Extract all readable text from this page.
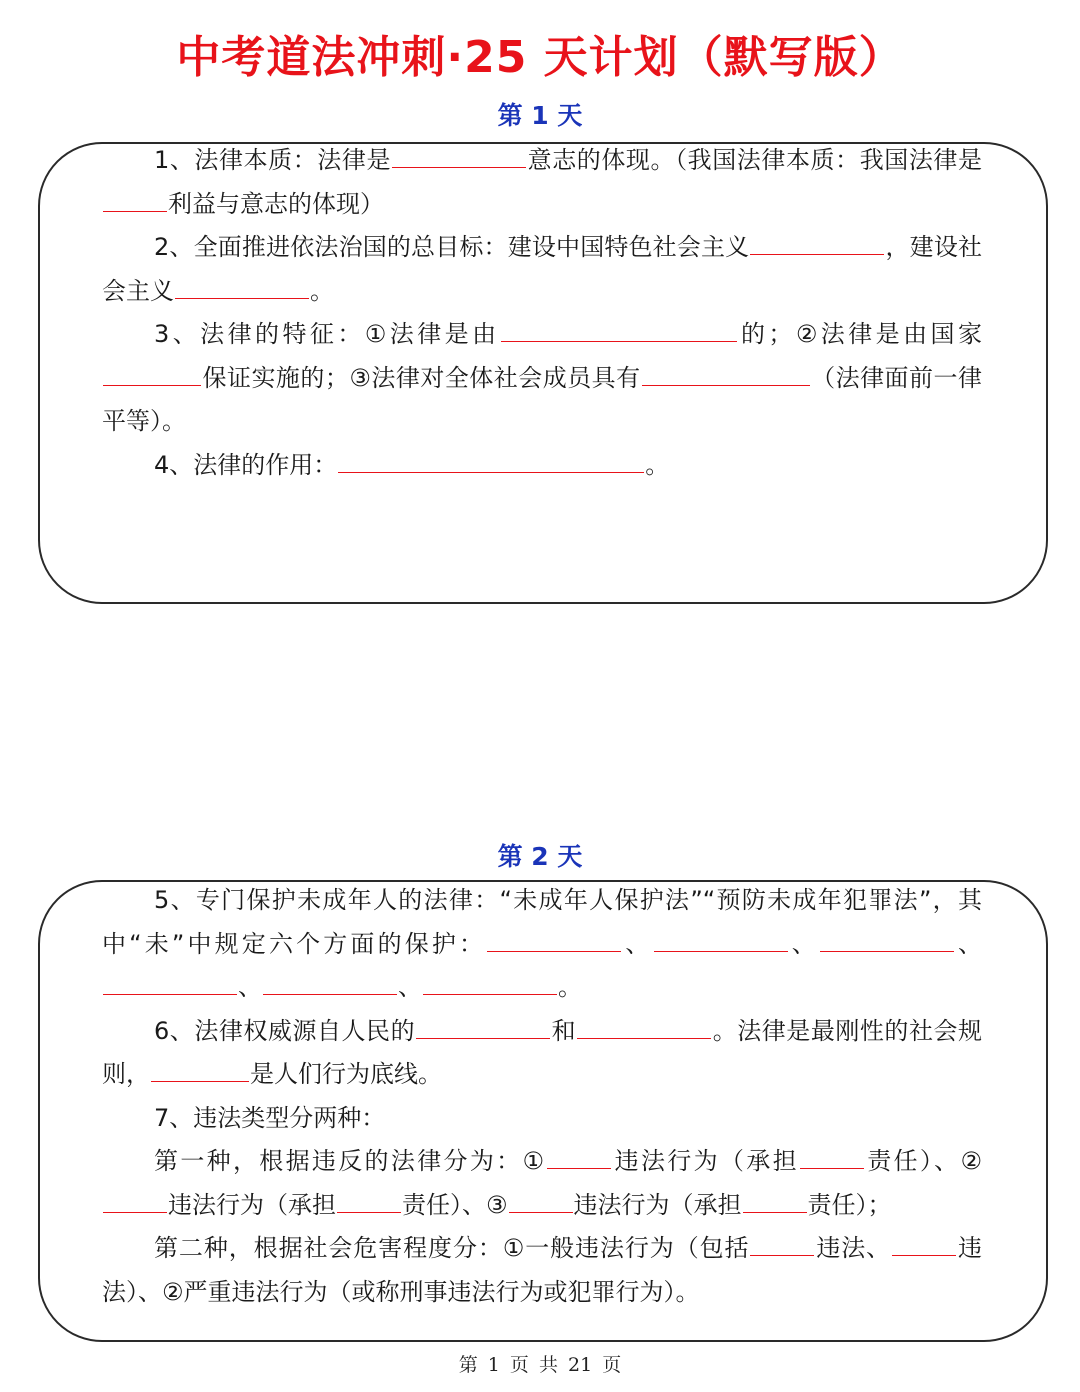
中考道法冲刺·25 天计划（默写版）
第 1 天

1、法律本质：法律是	意志的体现。（我国法律本质：我国法律是利益与意志的体现）

2、全面推进依法治国的总目标：建设中国特色社会主义	，建设社会主义	。

3、法律的特征：①法律是由	的；②法律是由国家保证实施的；③法律对全体社会成员具有	（法律面前一律平等）。

4、法律的作用：	。

第 2 天

5、专门保护未成年人的法律：“未成年人保护法”“预防未成年犯罪法”，其中“未”中规定六个方面的保护：	、	、	、、	、	。

6、法律权威源自人民的	和	。法律是最刚性的社会规则，	是人们行为底线。

7、违法类型分两种：

第一种，根据违反的法律分为：①	违法行为（承担	责任）、②违法行为（承担	责任）、③	违法行为（承担	责任）；

第二种，根据社会危害程度分：①一般违法行为（包括	违法、	违法）、②严重违法行为（或称刑事违法行为或犯罪行为）。

第 1 页 共 21 页
